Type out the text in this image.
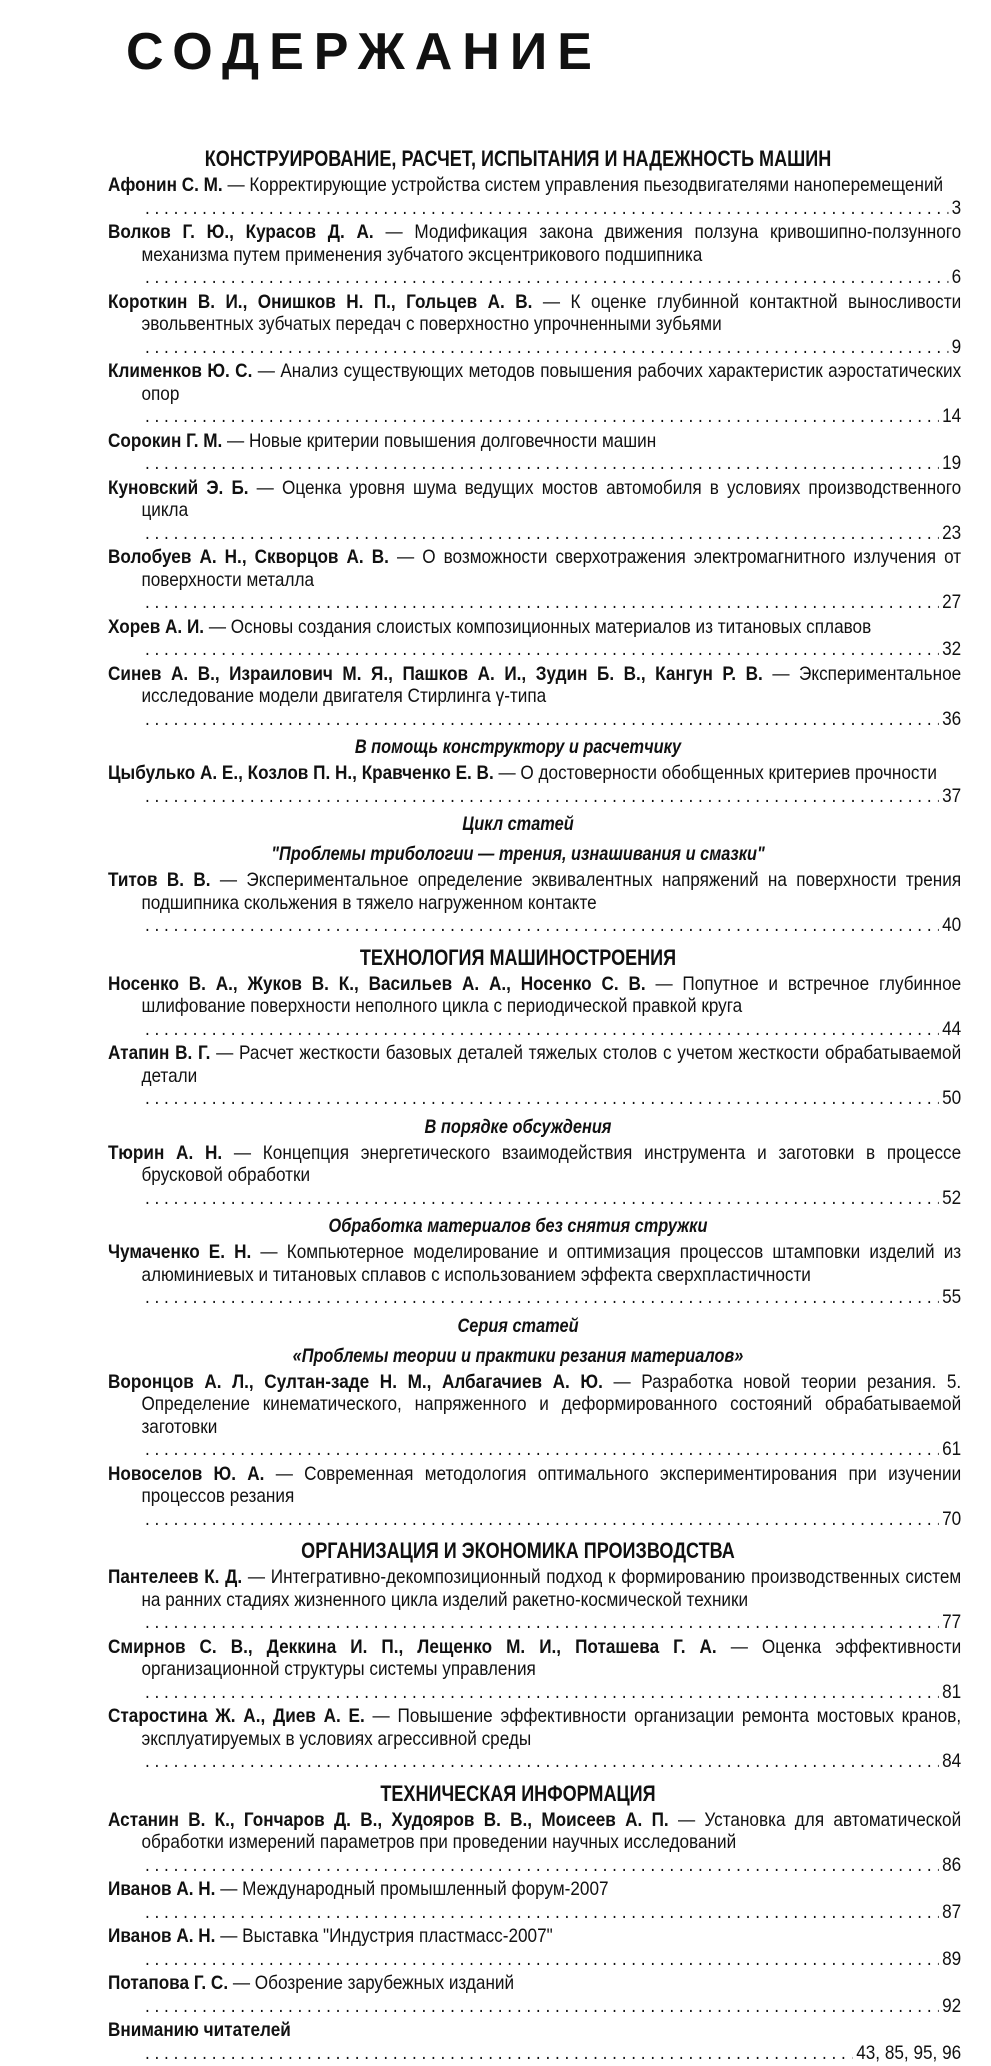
СОДЕРЖАНИЕ
КОНСТРУИРОВАНИЕ, РАСЧЕТ, ИСПЫТАНИЯ И НАДЕЖНОСТЬ МАШИН
Афонин С. М. — Корректирующие устройства систем управления пьезодвигателями наноперемещений
. . .
3
Волков Г. Ю., Курасов Д. А. — Модификация закона движения ползуна кривошипно-ползунного механизма путем применения зубчатого эксцентрикового подшипника
. . .
6
Короткин В. И., Онишков Н. П., Гольцев А. В. — К оценке глубинной контактной выносливости эвольвентных зубчатых передач с поверхностно упрочненными зубьями
. . .
9
Клименков Ю. С. — Анализ существующих методов повышения рабочих характеристик аэростатических опор
. . .
14
Сорокин Г. М. — Новые критерии повышения долговечности машин
. . .
19
Куновский Э. Б. — Оценка уровня шума ведущих мостов автомобиля в условиях производственного цикла
. . .
23
Волобуев А. Н., Скворцов А. В. — О возможности сверхотражения электромагнитного излучения от поверхности металла
. . .
27
Хорев А. И. — Основы создания слоистых композиционных материалов из титановых сплавов
. . .
32
Синев А. В., Израилович М. Я., Пашков А. И., Зудин Б. В., Кангун Р. В. — Экспериментальное исследование модели двигателя Стирлинга γ-типа
. . .
36
В помощь конструктору и расчетчику
Цыбулько А. Е., Козлов П. Н., Кравченко Е. В. — О достоверности обобщенных критериев прочности
. . .
37
Цикл статей
"Проблемы трибологии — трения, изнашивания и смазки"
Титов В. В. — Экспериментальное определение эквивалентных напряжений на поверхности трения подшипника скольжения в тяжело нагруженном контакте
. . .
40
ТЕХНОЛОГИЯ МАШИНОСТРОЕНИЯ
Носенко В. А., Жуков В. К., Васильев А. А., Носенко С. В. — Попутное и встречное глубинное шлифование поверхности неполного цикла с периодической правкой круга
. . .
44
Атапин В. Г. — Расчет жесткости базовых деталей тяжелых столов с учетом жесткости обрабатываемой детали
. . .
50
В порядке обсуждения
Тюрин А. Н. — Концепция энергетического взаимодействия инструмента и заготовки в процессе брусковой обработки
. . .
52
Обработка материалов без снятия стружки
Чумаченко Е. Н. — Компьютерное моделирование и оптимизация процессов штамповки изделий из алюминиевых и титановых сплавов с использованием эффекта сверхпластичности
. . .
55
Серия статей
«Проблемы теории и практики резания материалов»
Воронцов А. Л., Султан-заде Н. М., Албагачиев А. Ю. — Разработка новой теории резания. 5. Определение кинематического, напряженного и деформированного состояний обрабатываемой заготовки
. . .
61
Новоселов Ю. А. — Современная методология оптимального экспериментирования при изучении процессов резания
. . .
70
ОРГАНИЗАЦИЯ И ЭКОНОМИКА ПРОИЗВОДСТВА
Пантелеев К. Д. — Интегративно-декомпозиционный подход к формированию производственных систем на ранних стадиях жизненного цикла изделий ракетно-космической техники
. . .
77
Смирнов С. В., Деккина И. П., Лещенко М. И., Поташева Г. А. — Оценка эффективности организационной структуры системы управления
. . .
81
Старостина Ж. А., Диев А. Е. — Повышение эффективности организации ремонта мостовых кранов, эксплуатируемых в условиях агрессивной среды
. . .
84
ТЕХНИЧЕСКАЯ ИНФОРМАЦИЯ
Астанин В. К., Гончаров Д. В., Худояров В. В., Моисеев А. П. — Установка для автоматической обработки измерений параметров при проведении научных исследований
. . .
86
Иванов А. Н. — Международный промышленный форум-2007
. . .
87
Иванов А. Н. — Выставка "Индустрия пластмасс-2007"
. . .
89
Потапова Г. С. — Обозрение зарубежных изданий
. . .
92
Вниманию читателей
. . .
43, 85, 95, 96
